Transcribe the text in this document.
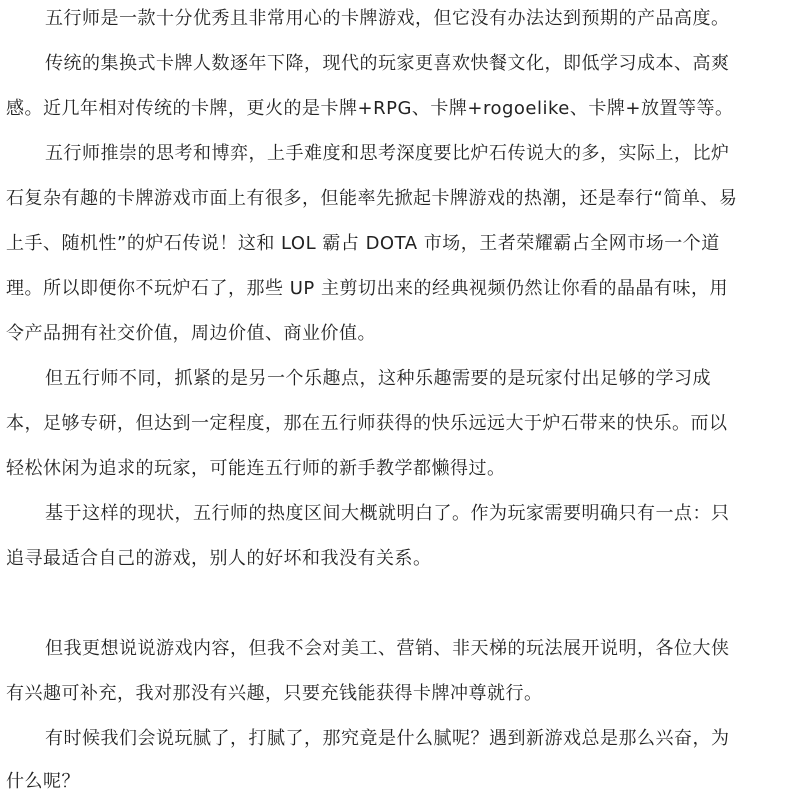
五行师是一款十分优秀且非常用心的卡牌游戏，但它没有办法达到预期的产品高度。
传统的集换式卡牌人数逐年下降，现代的玩家更喜欢快餐文化，即低学习成本、高爽
感。近几年相对传统的卡牌，更火的是卡牌+RPG、卡牌+rogoelike、卡牌+放置等等。
五行师推崇的思考和博弈，上手难度和思考深度要比炉石传说大的多，实际上，比炉
石复杂有趣的卡牌游戏市面上有很多，但能率先掀起卡牌游戏的热潮，还是奉行“简单、易
上手、随机性”的炉石传说！这和 LOL 霸占 DOTA 市场，王者荣耀霸占全网市场一个道
理。所以即便你不玩炉石了，那些 UP 主剪切出来的经典视频仍然让你看的晶晶有味，用
令产品拥有社交价值，周边价值、商业价值。
但五行师不同，抓紧的是另一个乐趣点，这种乐趣需要的是玩家付出足够的学习成
本，足够专研，但达到一定程度，那在五行师获得的快乐远远大于炉石带来的快乐。而以
轻松休闲为追求的玩家，可能连五行师的新手教学都懒得过。
基于这样的现状，五行师的热度区间大概就明白了。作为玩家需要明确只有一点：只
追寻最适合自己的游戏，别人的好坏和我没有关系。
但我更想说说游戏内容，但我不会对美工、营销、非天梯的玩法展开说明，各位大侠
有兴趣可补充，我对那没有兴趣，只要充钱能获得卡牌冲尊就行。
有时候我们会说玩腻了，打腻了，那究竟是什么腻呢？遇到新游戏总是那么兴奋，为
什么呢？
